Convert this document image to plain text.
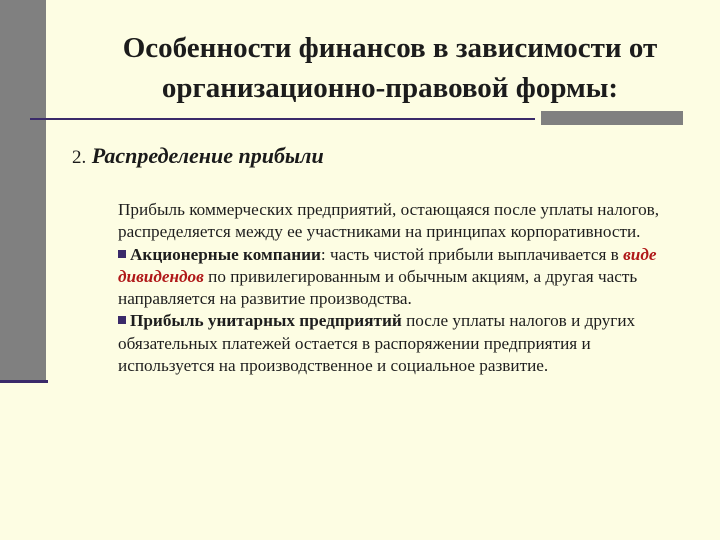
Особенности финансов в зависимости от
организационно-правовой формы:
2. Распределение прибыли

Прибыль коммерческих предприятий, остающаяся после уплаты налогов, распределяется между ее участниками на принципах корпоративности.

Акционерные компании: часть чистой прибыли выплачивается в виде дивидендов по привилегированным и обычным акциям, а другая часть направляется на развитие производства.

Прибыль унитарных предприятий после уплаты налогов и других обязательных платежей остается в распоряжении предприятия и используется на производственное и социальное развитие.
